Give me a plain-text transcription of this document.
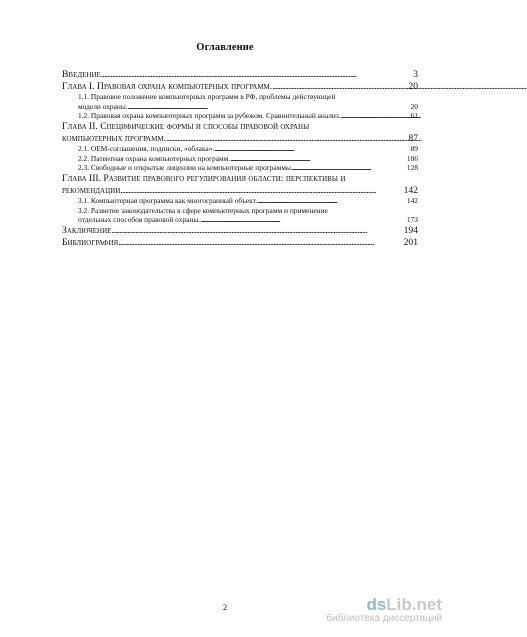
Оглавление
Введение . . .	3
Глава I. Правовая охрана компьютерных программ. . . .	20
1.1. Правовое положение компьютерных программ в РФ, проблемы действующей
модели охраны. . . .	20
1.2. Правовая охрана компьютерных программ за рубежом. Сравнительный анализ. . . .	61
Глава II. Специфические формы и способы правовой охраны
компьютерных программ. . . .	87
2.1. OEM-соглашения, подписки, «облака». . . .	89
2.2. Патентная охрана компьютерных программ. . . .	106
2.3. Свободные и открытые лицензии на компьютерные программы . . .	128
Глава III. Развитие правового регулирования области: перспективы и
рекомендации . . .	142
3.1. Компьютерная программа как многогранный объект. . . .	142
3.2. Развитие законодательства в сфере компьютерных программ и применение
отдельных способов правовой охраны. . . .	173
Заключение . . .	194
Библиография . . .	201
2	dsLib.net
библиотека диссертаций
